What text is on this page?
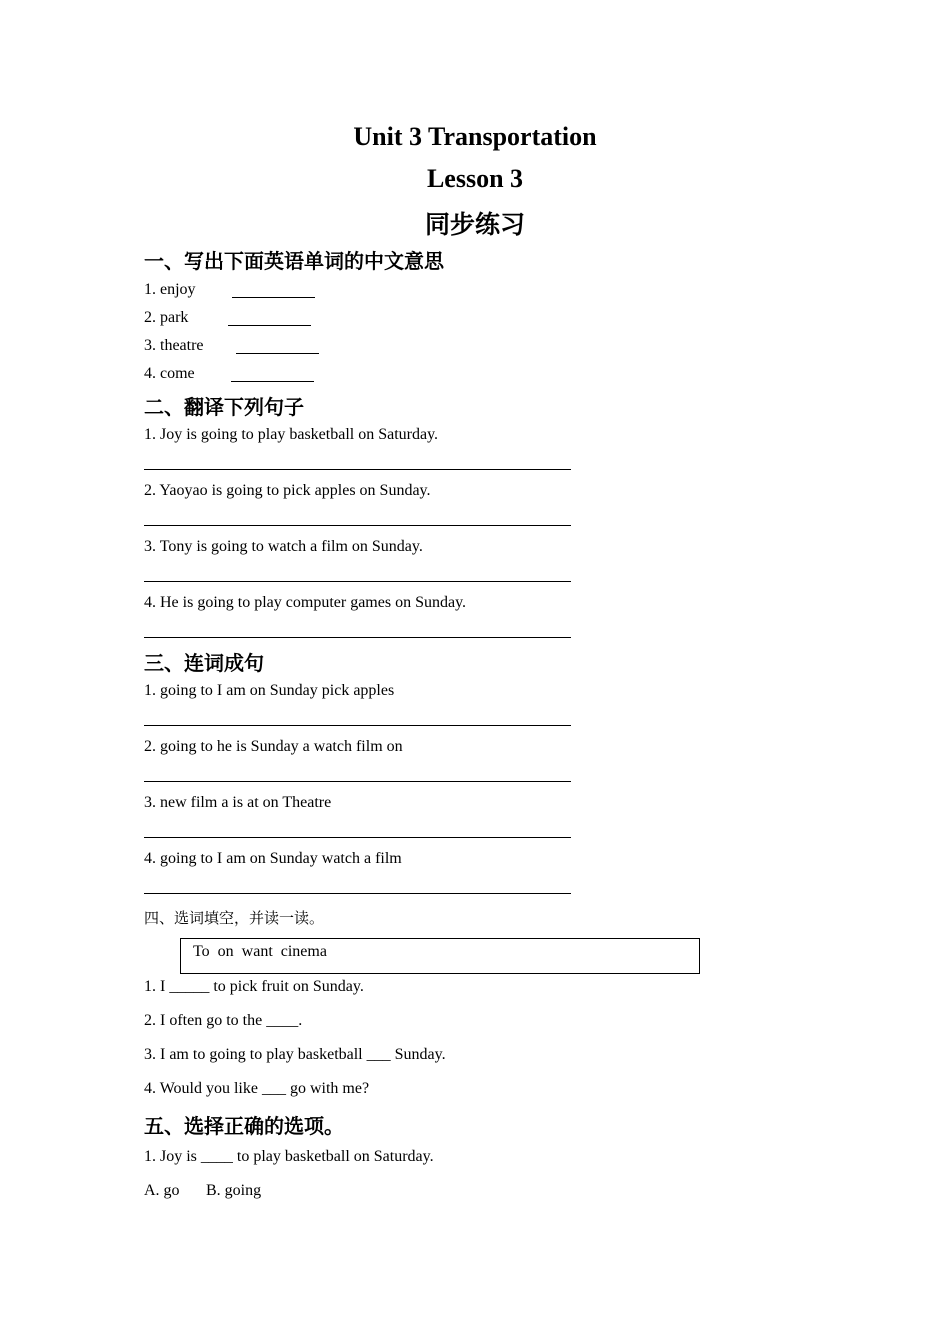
Unit 3 Transportation
Lesson 3
同步练习
一、写出下面英语单词的中文意思
1. enjoy
2. park
3. theatre
4. come
二、翻译下列句子
1. Joy is going to play basketball on Saturday.
2. Yaoyao is going to pick apples on Sunday.
3. Tony is going to watch a film on Sunday.
4. He is going to play computer games on Sunday.
三、连词成句
1. going to I am on Sunday pick apples
2. going to he is Sunday a watch film on
3. new film a is at on Theatre
4. going to I am on Sunday watch a film
四、选词填空，并读一读。
To  on  want  cinema
1. I _____ to pick fruit on Sunday.
2. I often go to the ____.
3. I am to going to play basketball ___ Sunday.
4. Would you like ___ go with me?
五、选择正确的选项。
1. Joy is ____ to play basketball on Saturday.
A. go B. going
